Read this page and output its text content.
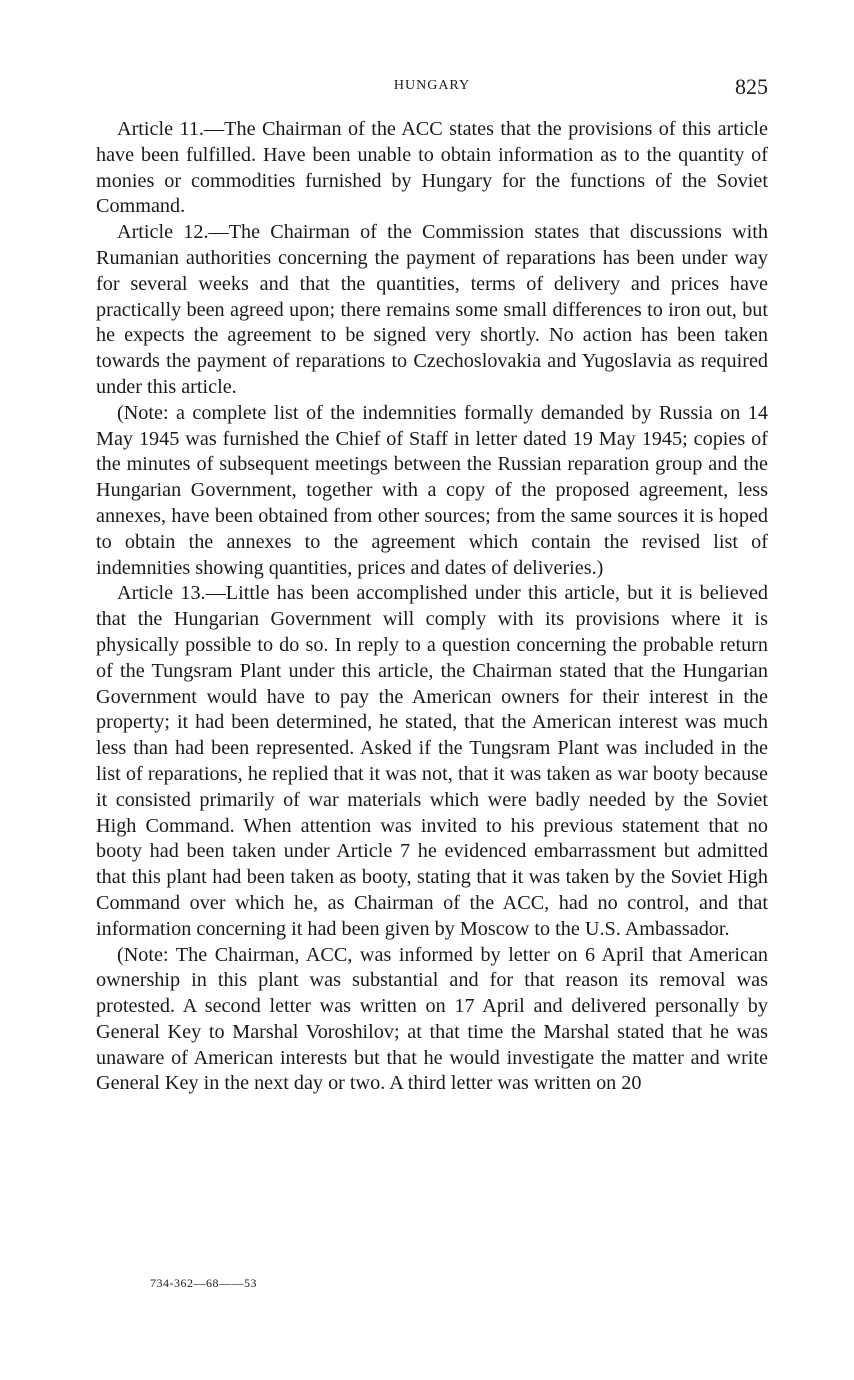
HUNGARY	825

Article 11.—The Chairman of the ACC states that the provisions of this article have been fulfilled. Have been unable to obtain information as to the quantity of monies or commodities furnished by Hungary for the functions of the Soviet Command.

Article 12.—The Chairman of the Commission states that discussions with Rumanian authorities concerning the payment of reparations has been under way for several weeks and that the quantities, terms of delivery and prices have practically been agreed upon; there remains some small differences to iron out, but he expects the agreement to be signed very shortly. No action has been taken towards the payment of reparations to Czechoslovakia and Yugoslavia as required under this article.

(Note: a complete list of the indemnities formally demanded by Russia on 14 May 1945 was furnished the Chief of Staff in letter dated 19 May 1945; copies of the minutes of subsequent meetings between the Russian reparation group and the Hungarian Government, together with a copy of the proposed agreement, less annexes, have been obtained from other sources; from the same sources it is hoped to obtain the annexes to the agreement which contain the revised list of indemnities showing quantities, prices and dates of deliveries.)

Article 13.—Little has been accomplished under this article, but it is believed that the Hungarian Government will comply with its provisions where it is physically possible to do so. In reply to a question concerning the probable return of the Tungsram Plant under this article, the Chairman stated that the Hungarian Government would have to pay the American owners for their interest in the property; it had been determined, he stated, that the American interest was much less than had been represented. Asked if the Tungsram Plant was included in the list of reparations, he replied that it was not, that it was taken as war booty because it consisted primarily of war materials which were badly needed by the Soviet High Command. When attention was invited to his previous statement that no booty had been taken under Article 7 he evidenced embarrassment but admitted that this plant had been taken as booty, stating that it was taken by the Soviet High Command over which he, as Chairman of the ACC, had no control, and that information concerning it had been given by Moscow to the U.S. Ambassador.

(Note: The Chairman, ACC, was informed by letter on 6 April that American ownership in this plant was substantial and for that reason its removal was protested. A second letter was written on 17 April and delivered personally by General Key to Marshal Voroshilov; at that time the Marshal stated that he was unaware of American interests but that he would investigate the matter and write General Key in the next day or two. A third letter was written on 20

734-362—68——53
